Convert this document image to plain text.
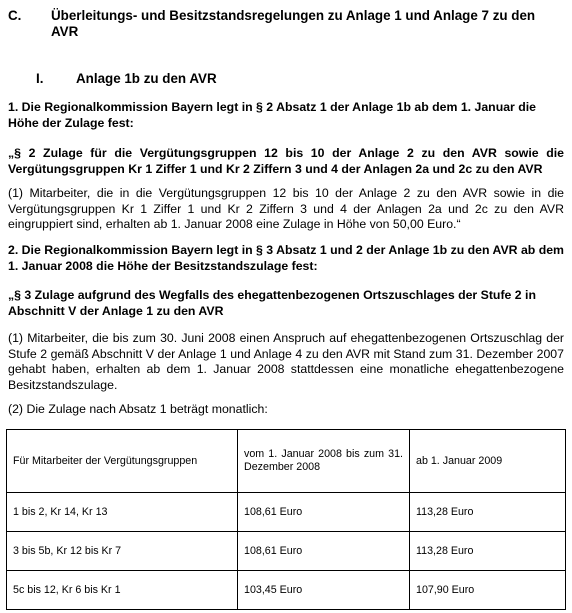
C. Überleitungs- und Besitzstandsregelungen zu Anlage 1 und Anlage 7 zu den AVR
I. Anlage 1b zu den AVR

1. Die Regionalkommission Bayern legt in § 2 Absatz 1 der Anlage 1b ab dem 1. Januar die Höhe der Zulage fest:

„§ 2 Zulage für die Vergütungsgruppen 12 bis 10 der Anlage 2 zu den AVR sowie die Vergütungsgruppen Kr 1 Ziffer 1 und Kr 2 Ziffern 3 und 4 der Anlagen 2a und 2c zu den AVR

(1) Mitarbeiter, die in die Vergütungsgruppen 12 bis 10 der Anlage 2 zu den AVR sowie in die Vergütungsgruppen Kr 1 Ziffer 1 und Kr 2 Ziffern 3 und 4 der Anlagen 2a und 2c zu den AVR eingruppiert sind, erhalten ab 1. Januar 2008 eine Zulage in Höhe von 50,00 Euro.“

2. Die Regionalkommission Bayern legt in § 3 Absatz 1 und 2 der Anlage 1b zu den AVR ab dem 1. Januar 2008 die Höhe der Besitzstandszulage fest:

„§ 3 Zulage aufgrund des Wegfalls des ehegattenbezogenen Ortszuschlages der Stufe 2 in Abschnitt V der Anlage 1 zu den AVR

(1) Mitarbeiter, die bis zum 30. Juni 2008 einen Anspruch auf ehegattenbezogenen Ortszuschlag der Stufe 2 gemäß Abschnitt V der Anlage 1 und Anlage 4 zu den AVR mit Stand zum 31. Dezember 2007 gehabt haben, erhalten ab dem 1. Januar 2008 stattdessen eine monatliche ehegattenbezogene Besitzstandszulage.

(2) Die Zulage nach Absatz 1 beträgt monatlich:

Für Mitarbeiter der Vergütungsgruppen	vom 1. Januar 2008 bis zum 31. Dezember 2008	ab 1. Januar 2009
1 bis 2, Kr 14, Kr 13	108,61 Euro	113,28 Euro
3 bis 5b, Kr 12 bis Kr 7	108,61 Euro	113,28 Euro
5c bis 12, Kr 6 bis Kr 1	103,45 Euro	107,90 Euro
